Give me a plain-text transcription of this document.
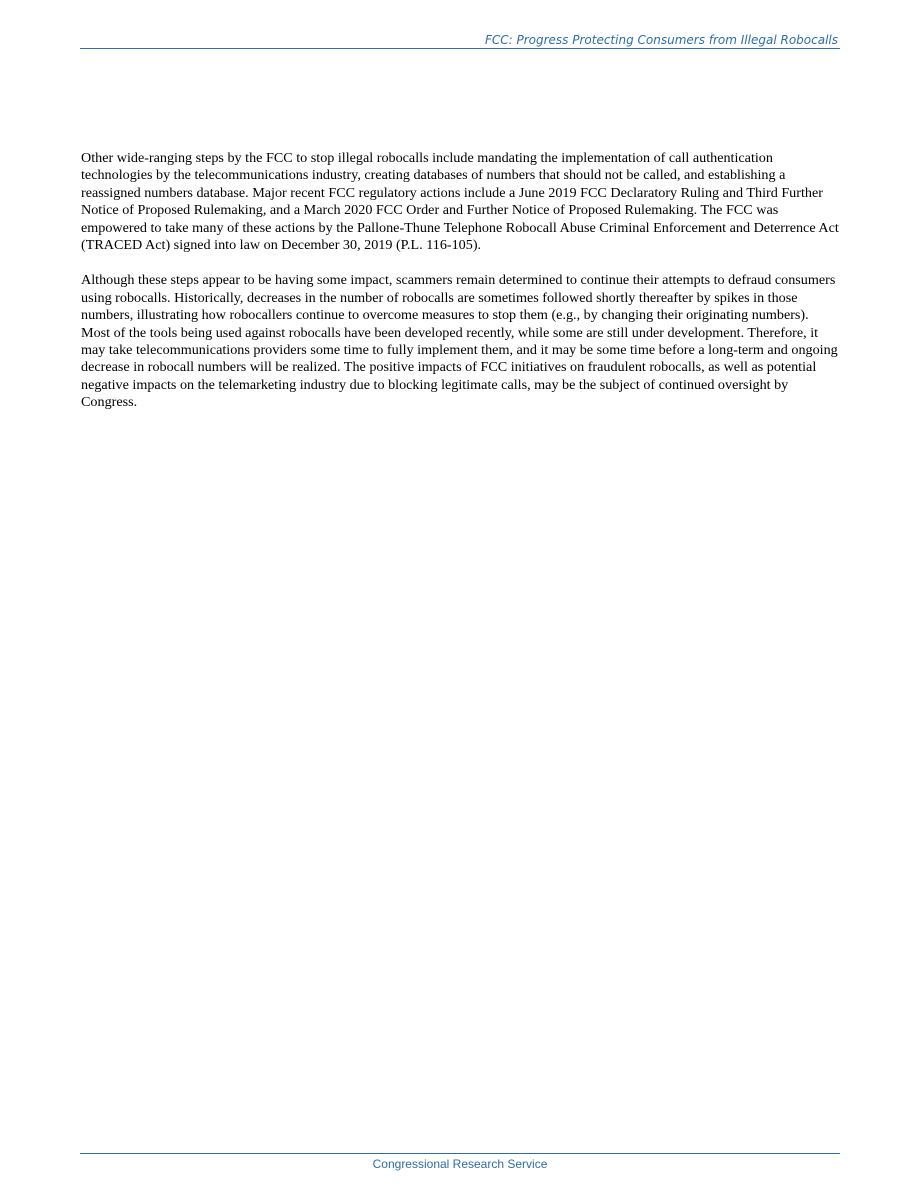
FCC: Progress Protecting Consumers from Illegal Robocalls

Other wide-ranging steps by the FCC to stop illegal robocalls include mandating the implementation of call authentication technologies by the telecommunications industry, creating databases of numbers that should not be called, and establishing a reassigned numbers database. Major recent FCC regulatory actions include a June 2019 FCC Declaratory Ruling and Third Further Notice of Proposed Rulemaking, and a March 2020 FCC Order and Further Notice of Proposed Rulemaking. The FCC was empowered to take many of these actions by the Pallone-Thune Telephone Robocall Abuse Criminal Enforcement and Deterrence Act (TRACED Act) signed into law on December 30, 2019 (P.L. 116-105).

Although these steps appear to be having some impact, scammers remain determined to continue their attempts to defraud consumers using robocalls. Historically, decreases in the number of robocalls are sometimes followed shortly thereafter by spikes in those numbers, illustrating how robocallers continue to overcome measures to stop them (e.g., by changing their originating numbers). Most of the tools being used against robocalls have been developed recently, while some are still under development. Therefore, it may take telecommunications providers some time to fully implement them, and it may be some time before a long-term and ongoing decrease in robocall numbers will be realized. The positive impacts of FCC initiatives on fraudulent robocalls, as well as potential negative impacts on the telemarketing industry due to blocking legitimate calls, may be the subject of continued oversight by Congress.

Congressional Research Service
